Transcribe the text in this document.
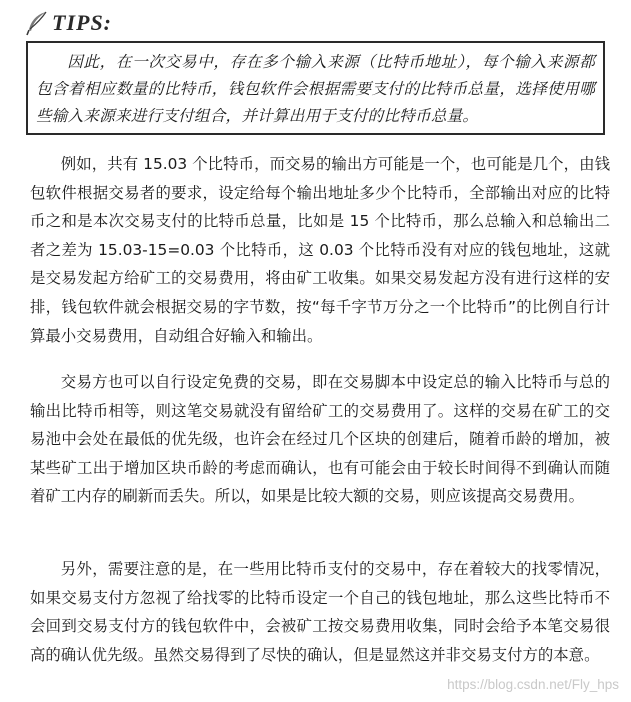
TIPS:

因此，在一次交易中，存在多个输入来源（比特币地址），每个输入来源都包含着相应数量的比特币，钱包软件会根据需要支付的比特币总量，选择使用哪些输入来源来进行支付组合，并计算出用于支付的比特币总量。

例如，共有 15.03 个比特币，而交易的输出方可能是一个，也可能是几个，由钱包软件根据交易者的要求，设定给每个输出地址多少个比特币，全部输出对应的比特币之和是本次交易支付的比特币总量，比如是 15 个比特币，那么总输入和总输出二者之差为 15.03-15=0.03 个比特币，这 0.03 个比特币没有对应的钱包地址，这就是交易发起方给矿工的交易费用，将由矿工收集。如果交易发起方没有进行这样的安排，钱包软件就会根据交易的字节数，按“每千字节万分之一个比特币”的比例自行计算最小交易费用，自动组合好输入和输出。

交易方也可以自行设定免费的交易，即在交易脚本中设定总的输入比特币与总的输出比特币相等，则这笔交易就没有留给矿工的交易费用了。这样的交易在矿工的交易池中会处在最低的优先级，也许会在经过几个区块的创建后，随着币龄的增加，被某些矿工出于增加区块币龄的考虑而确认，也有可能会由于较长时间得不到确认而随着矿工内存的刷新而丢失。所以，如果是比较大额的交易，则应该提高交易费用。

另外，需要注意的是，在一些用比特币支付的交易中，存在着较大的找零情况，如果交易支付方忽视了给找零的比特币设定一个自己的钱包地址，那么这些比特币不会回到交易支付方的钱包软件中，会被矿工按交易费用收集，同时会给予本笔交易很高的确认优先级。虽然交易得到了尽快的确认，但是显然这并非交易支付方的本意。

https://blog.csdn.net/Fly_hps
